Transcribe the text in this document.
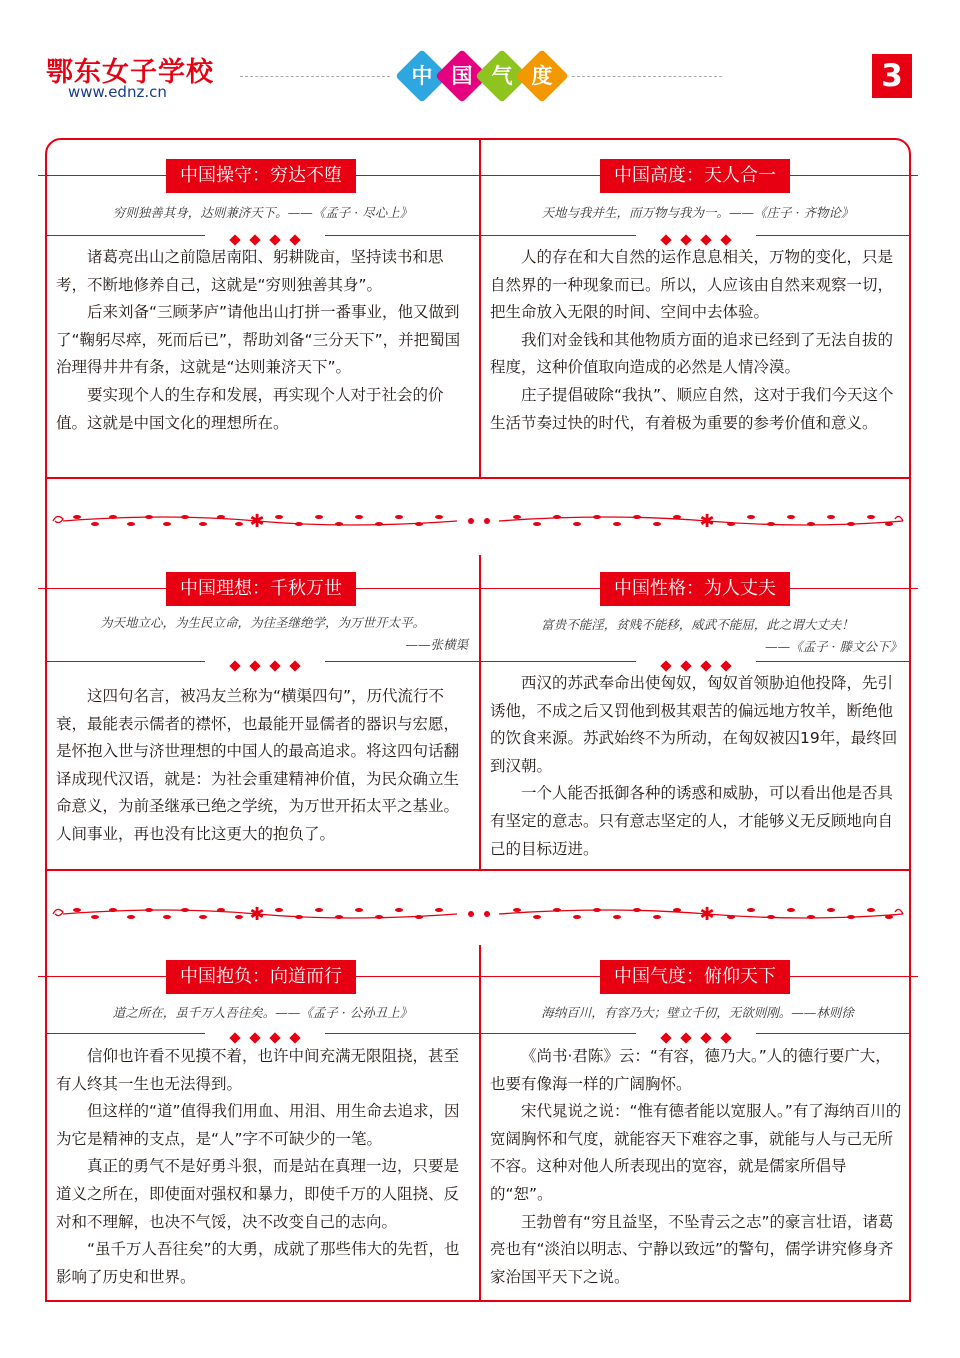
鄂东女子学校
www.ednz.cn
中 国 气 度	3
✱	✱
✱	✱
中国操守：穷达不堕
穷则独善其身，达则兼济天下。——《孟子 · 尽心上》

诸葛亮出山之前隐居南阳、躬耕陇亩，坚持读书和思考，不断地修养自己，这就是“穷则独善其身”。

后来刘备“三顾茅庐”请他出山打拼一番事业，他又做到了“鞠躬尽瘁，死而后已”，帮助刘备“三分天下”，并把蜀国治理得井井有条，这就是“达则兼济天下”。

要实现个人的生存和发展，再实现个人对于社会的价值。这就是中国文化的理想所在。

中国高度：天人合一
天地与我并生，而万物与我为一。——《庄子 · 齐物论》

人的存在和大自然的运作息息相关，万物的变化，只是自然界的一种现象而已。所以，人应该由自然来观察一切，把生命放入无限的时间、空间中去体验。

我们对金钱和其他物质方面的追求已经到了无法自拔的程度，这种价值取向造成的必然是人情冷漠。

庄子提倡破除“我执”、顺应自然，这对于我们今天这个生活节奏过快的时代，有着极为重要的参考价值和意义。

中国理想：千秋万世
为天地立心，为生民立命，为往圣继绝学，为万世开太平。
——张横渠

这四句名言，被冯友兰称为“横渠四句”，历代流行不衰，最能表示儒者的襟怀，也最能开显儒者的器识与宏愿，是怀抱入世与济世理想的中国人的最高追求。将这四句话翻译成现代汉语，就是：为社会重建精神价值，为民众确立生命意义，为前圣继承已绝之学统，为万世开拓太平之基业。人间事业，再也没有比这更大的抱负了。

中国性格：为人丈夫
富贵不能淫，贫贱不能移，威武不能屈，此之谓大丈夫！
——《孟子 · 滕文公下》

西汉的苏武奉命出使匈奴，匈奴首领胁迫他投降，先引诱他，不成之后又罚他到极其艰苦的偏远地方牧羊，断绝他的饮食来源。苏武始终不为所动，在匈奴被囚19年，最终回到汉朝。

一个人能否抵御各种的诱惑和威胁，可以看出他是否具有坚定的意志。只有意志坚定的人，才能够义无反顾地向自己的目标迈进。

中国抱负：向道而行
道之所在，虽千万人吾往矣。——《孟子 · 公孙丑上》

信仰也许看不见摸不着，也许中间充满无限阻挠，甚至有人终其一生也无法得到。

但这样的“道”值得我们用血、用泪、用生命去追求，因为它是精神的支点，是“人”字不可缺少的一笔。

真正的勇气不是好勇斗狠，而是站在真理一边，只要是道义之所在，即使面对强权和暴力，即使千万的人阻挠、反对和不理解，也决不气馁，决不改变自己的志向。

“虽千万人吾往矣”的大勇，成就了那些伟大的先哲，也影响了历史和世界。

中国气度：俯仰天下
海纳百川，有容乃大；壁立千仞，无欲则刚。——林则徐

《尚书·君陈》云：“有容，德乃大。”人的德行要广大，也要有像海一样的广阔胸怀。

宋代晁说之说：“惟有德者能以宽服人。”有了海纳百川的宽阔胸怀和气度，就能容天下难容之事，就能与人与己无所不容。这种对他人所表现出的宽容，就是儒家所倡导的“恕”。

王勃曾有“穷且益坚，不坠青云之志”的豪言壮语，诸葛亮也有“淡泊以明志、宁静以致远”的警句，儒学讲究修身齐家治国平天下之说。
